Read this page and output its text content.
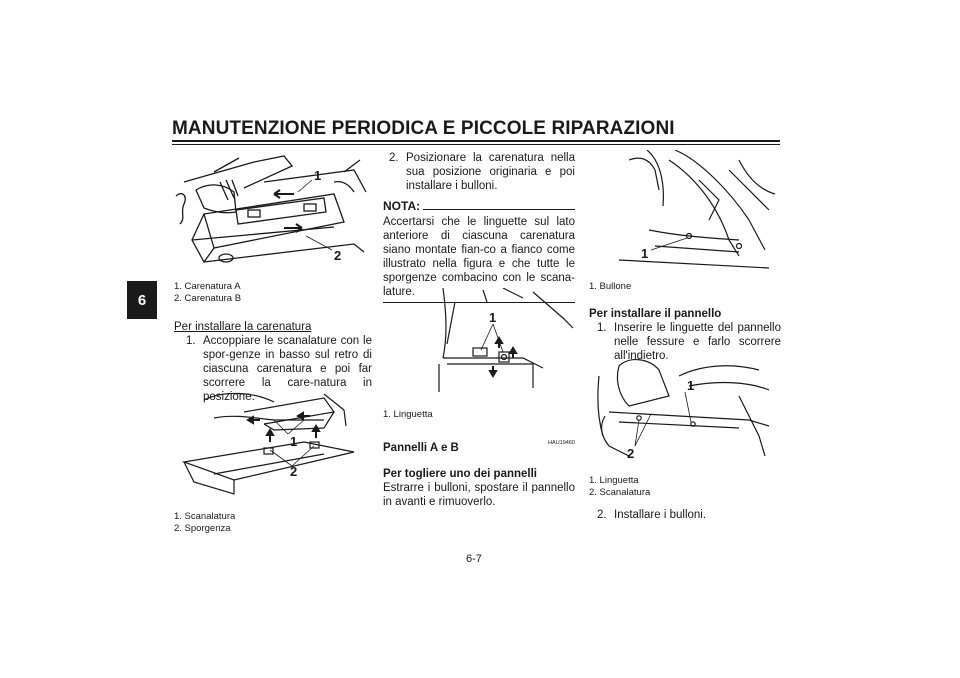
MANUTENZIONE PERIODICA E PICCOLE RIPARAZIONI
6
1
2
1. Carenatura A
2. Carenatura B

Per installare la carenatura

1. Accoppiare le scanalature con le spor-genze in basso sul retro di ciascuna carenatura e poi far scorrere la care-natura in posizione.
1
2
1. Scanalatura
2. Sporgenza
2. Posizionare la carenatura nella sua posizione originaria e poi installare i bulloni.
NOTA:

Accertarsi che le linguette sul lato anteriore di ciascuna carenatura siano montate fian-co a fianco come illustrato nella figura e che tutte le sporgenze combacino con le scana-lature.

1
1. Linguetta
HAU19460

Pannelli A e B

Per togliere uno dei pannelli

Estrarre i bulloni, spostare il pannello in avanti e rimuoverlo.

1
1. Bullone

Per installare il pannello

1. Inserire le linguette del pannello nelle fessure e farlo scorrere all'indietro.
1
2
1. Linguetta
2. Scanalatura
2. Installare i bulloni.
6-7
